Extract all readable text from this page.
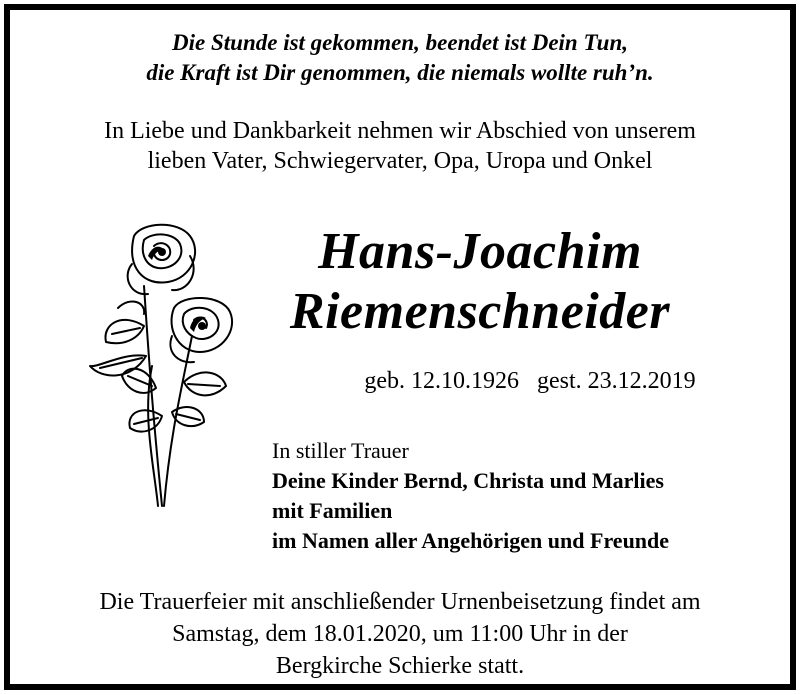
Die Stunde ist gekommen, beendet ist Dein Tun,
die Kraft ist Dir genommen, die niemals wollte ruh’n.
In Liebe und Dankbarkeit nehmen wir Abschied von unserem
lieben Vater, Schwiegervater, Opa, Uropa und Onkel
Hans-Joachim
Riemenschneider
geb. 12.10.1926 gest. 23.12.2019
In stiller Trauer
Deine Kinder Bernd, Christa und Marlies
mit Familien
im Namen aller Angehörigen und Freunde
Die Trauerfeier mit anschließender Urnenbeisetzung findet am
Samstag, dem 18.01.2020, um 11:00 Uhr in der
Bergkirche Schierke statt.
